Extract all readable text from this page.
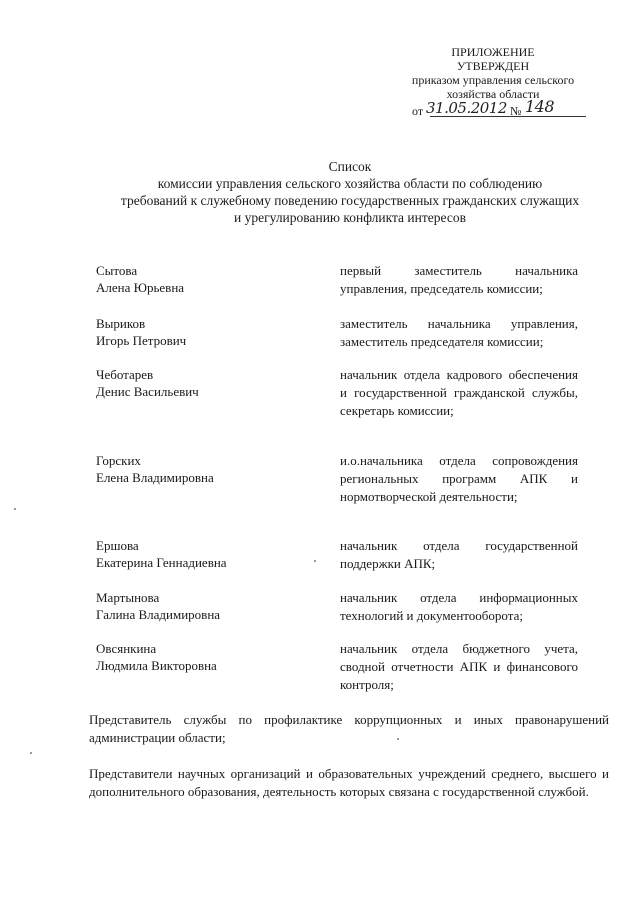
ПРИЛОЖЕНИЕ
УТВЕРЖДЕН
приказом управления сельского
хозяйства области
от 31.05.2012 № 148
Список
комиссии управления сельского хозяйства области по соблюдению
требований к служебному поведению государственных гражданских служащих
и урегулированию конфликта интересов
Сытова
Алена Юрьевна
первый заместитель начальника управления, председатель комиссии;
Выриков
Игорь Петрович
заместитель начальника управления, заместитель председателя комиссии;
Чеботарев
Денис Васильевич
начальник отдела кадрового обеспечения и государственной гражданской службы, секретарь комиссии;
Горских
Елена Владимировна
и.о.начальника отдела сопровождения региональных программ АПК и нормотворческой деятельности;
Ершова
Екатерина Геннадиевна
начальник отдела государственной поддержки АПК;
Мартынова
Галина Владимировна
начальник отдела информационных технологий и документооборота;
Овсянкина
Людмила Викторовна
начальник отдела бюджетного учета, сводной отчетности АПК и финансового контроля;
Представитель службы по профилактике коррупционных и иных правонарушений администрации области;
Представители научных организаций и образовательных учреждений среднего, высшего и дополнительного образования, деятельность которых связана с государственной службой.
